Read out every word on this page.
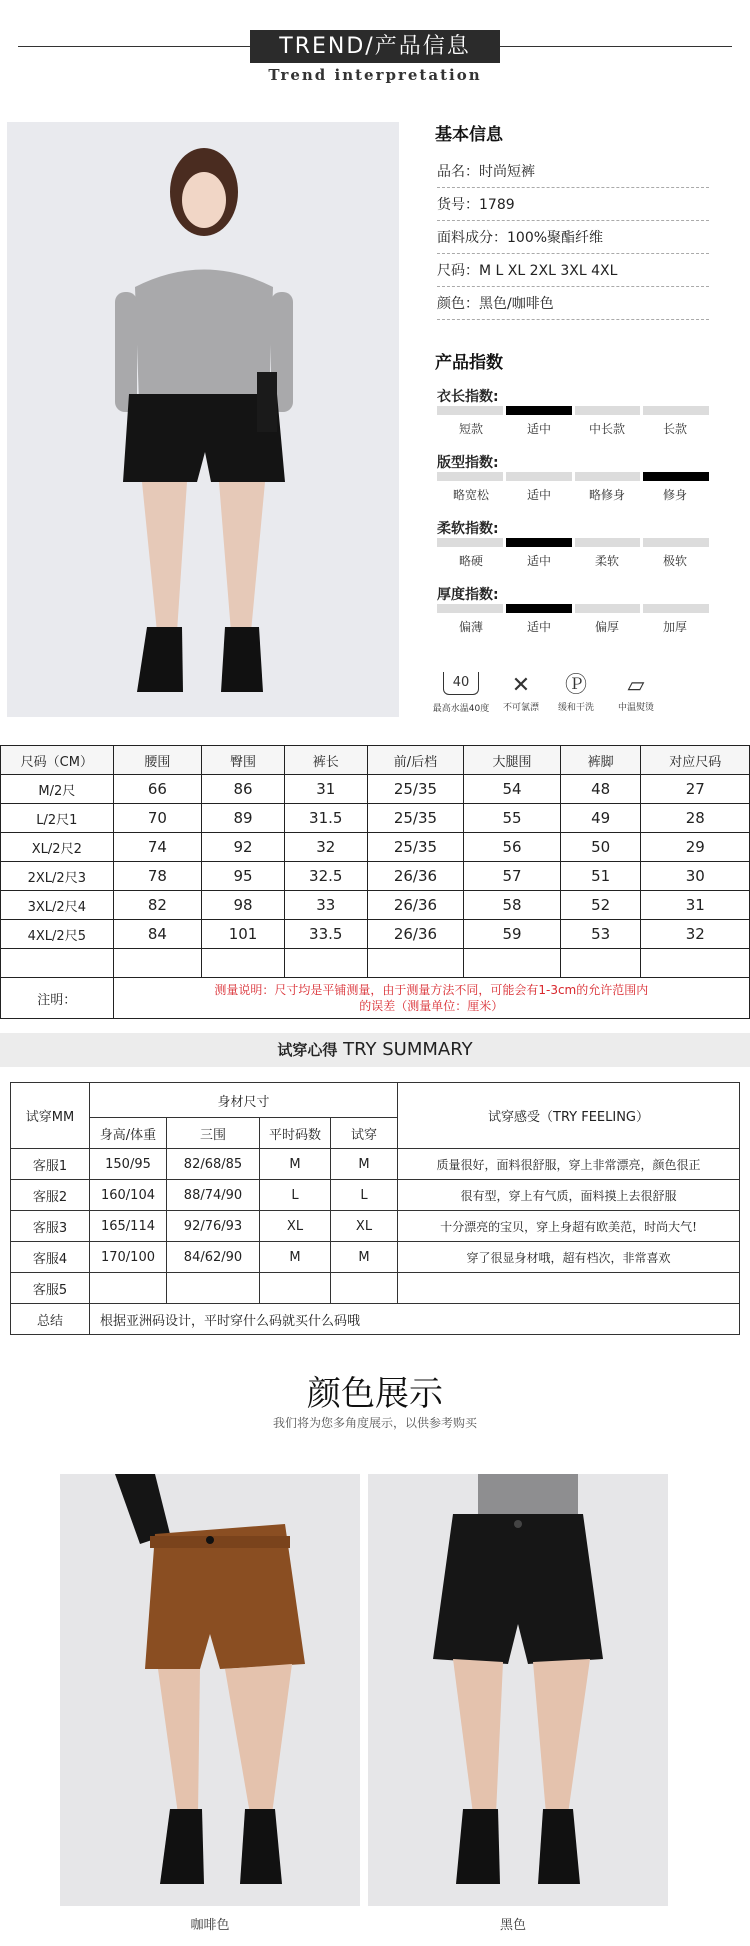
TREND/产品信息
Trend interpretation
基本信息
品名：时尚短裤
货号：1789
面料成分：100%聚酯纤维
尺码：M L XL 2XL 3XL 4XL
颜色：黑色/咖啡色
产品指数
衣长指数:
短款	适中	中长款	长款
版型指数:
略宽松	适中	略修身	修身
柔软指数:
略硬	适中	柔软	极软
厚度指数:
偏薄	适中	偏厚	加厚
40
最高水温40度
✕
不可氯漂
Ⓟ
缓和干洗
⏥
中温熨烫
尺码（CM）	腰围	臀围	裤长	前/后档	大腿围	裤脚	对应尺码
M/2尺	66	86	31	25/35	54	48	27
L/2尺1	70	89	31.5	25/35	55	49	28
XL/2尺2	74	92	32	25/35	56	50	29
2XL/2尺3	78	95	32.5	26/36	57	51	30
3XL/2尺4	82	98	33	26/36	58	52	31
4XL/2尺5	84	101	33.5	26/36	59	53	32

注明：	测量说明：尺寸均是平铺测量，由于测量方法不同，可能会有1-3cm的允许范围内
的误差（测量单位：厘米）						
试穿心得 TRY SUMMARY
试穿MM	身材尺寸				试穿感受（TRY FEELING）
	身高/体重	三围	平时码数	试穿	
客服1	150/95	82/68/85	M	M	质量很好，面料很舒服，穿上非常漂亮，颜色很正
客服2	160/104	88/74/90	L	L	很有型，穿上有气质，面料摸上去很舒服
客服3	165/114	92/76/93	XL	XL	十分漂亮的宝贝，穿上身超有欧美范，时尚大气!
客服4	170/100	84/62/90	M	M	穿了很显身材哦，超有档次，非常喜欢
客服5					
总结	根据亚洲码设计，平时穿什么码就买什么码哦				
颜色展示
我们将为您多角度展示，以供参考购买
咖啡色	黑色
